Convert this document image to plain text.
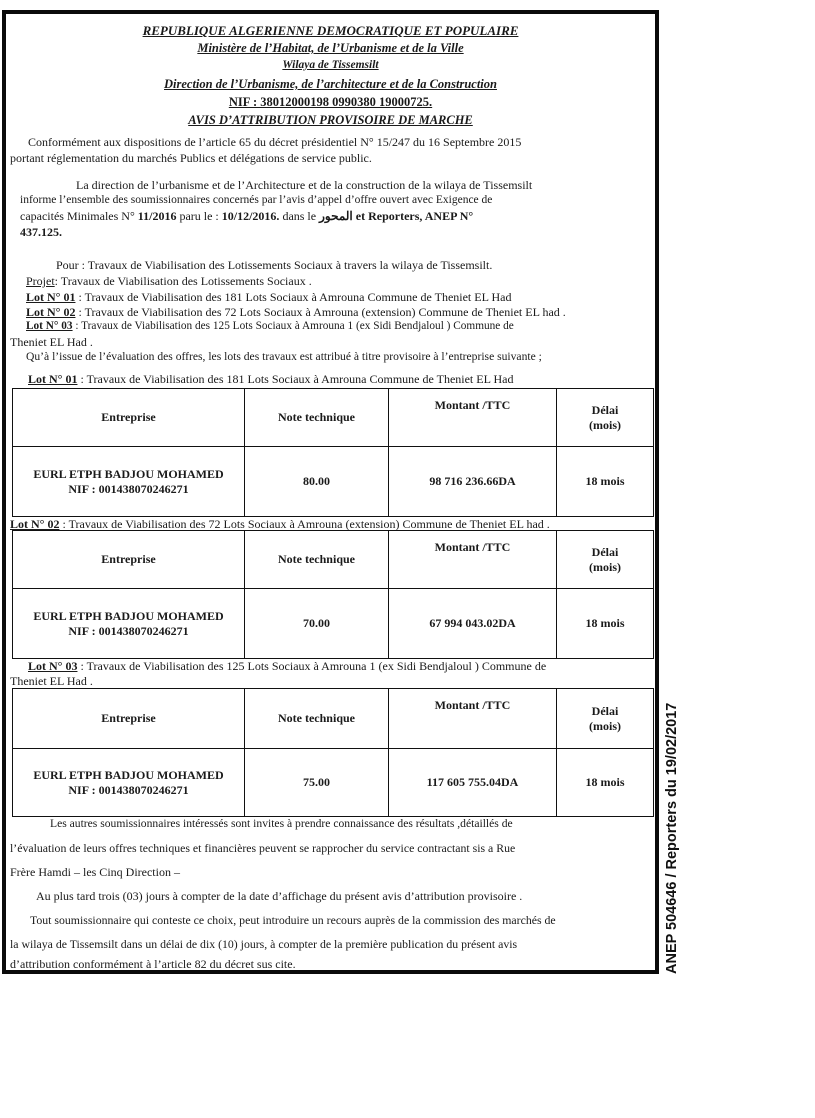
REPUBLIQUE ALGERIENNE DEMOCRATIQUE ET POPULAIRE
Ministère de l’Habitat, de l’Urbanisme et de la Ville
Wilaya de Tissemsilt
Direction de l’Urbanisme, de l’architecture et de la Construction
NIF : 38012000198 0990380 19000725.
AVIS D’ATTRIBUTION PROVISOIRE DE MARCHE
Conformément aux dispositions de l’article 65 du décret présidentiel N° 15/247 du 16 Septembre 2015
portant réglementation du marchés Publics et délégations de service public.
La direction de l’urbanisme et de l’Architecture et de la construction de la wilaya de Tissemsilt
informe l’ensemble des soumissionnaires concernés par l’avis d’appel d’offre ouvert avec Exigence de
capacités Minimales N° 11/2016 paru le : 10/12/2016. dans le المحور et Reporters, ANEP N°
437.125.
Pour : Travaux de Viabilisation des Lotissements Sociaux à travers la wilaya de Tissemsilt.
Projet: Travaux de Viabilisation des Lotissements Sociaux .
Lot N° 01 : Travaux de Viabilisation des 181 Lots Sociaux à Amrouna Commune de Theniet EL Had
Lot N° 02 : Travaux de Viabilisation des 72 Lots Sociaux à Amrouna (extension) Commune de Theniet EL had .
Lot N° 03 : Travaux de Viabilisation des 125 Lots Sociaux à Amrouna 1 (ex Sidi Bendjaloul ) Commune de
Theniet EL Had .
Qu’à l’issue de l’évaluation des offres, les lots des travaux est attribué à titre provisoire à l’entreprise suivante ;
Lot N° 01 : Travaux de Viabilisation des 181 Lots Sociaux à Amrouna Commune de Theniet EL Had
Entreprise	Note technique	Montant /TTC	Délai
(mois)
EURL ETPH BADJOU MOHAMED
NIF : 001438070246271	80.00	98 716 236.66DA	18 mois
Lot N° 02 : Travaux de Viabilisation des 72 Lots Sociaux à Amrouna (extension) Commune de Theniet EL had .
Entreprise	Note technique	Montant /TTC	Délai
(mois)
EURL ETPH BADJOU MOHAMED
NIF : 001438070246271	70.00	67 994 043.02DA	18 mois
Lot N° 03 : Travaux de Viabilisation des 125 Lots Sociaux à Amrouna 1 (ex Sidi Bendjaloul ) Commune de
Theniet EL Had .
Entreprise	Note technique	Montant /TTC	Délai
(mois)
EURL ETPH BADJOU MOHAMED
NIF : 001438070246271	75.00	117 605 755.04DA	18 mois
Les autres soumissionnaires intéressés sont invites à prendre connaissance des résultats ,détaillés de
l’évaluation de leurs offres techniques et financières peuvent se rapprocher du service contractant sis a Rue
Frère Hamdi – les Cinq Direction –
Au plus tard trois (03) jours à compter de la date d’affichage du présent avis d’attribution provisoire .
Tout soumissionnaire qui conteste ce choix, peut introduire un recours auprès de la commission des marchés de
la wilaya de Tissemsilt dans un délai de dix (10) jours, à compter de la première publication du présent avis
d’attribution conformément à l’article 82 du décret sus cite.	ANEP 504646 / Reporters du 19/02/2017
